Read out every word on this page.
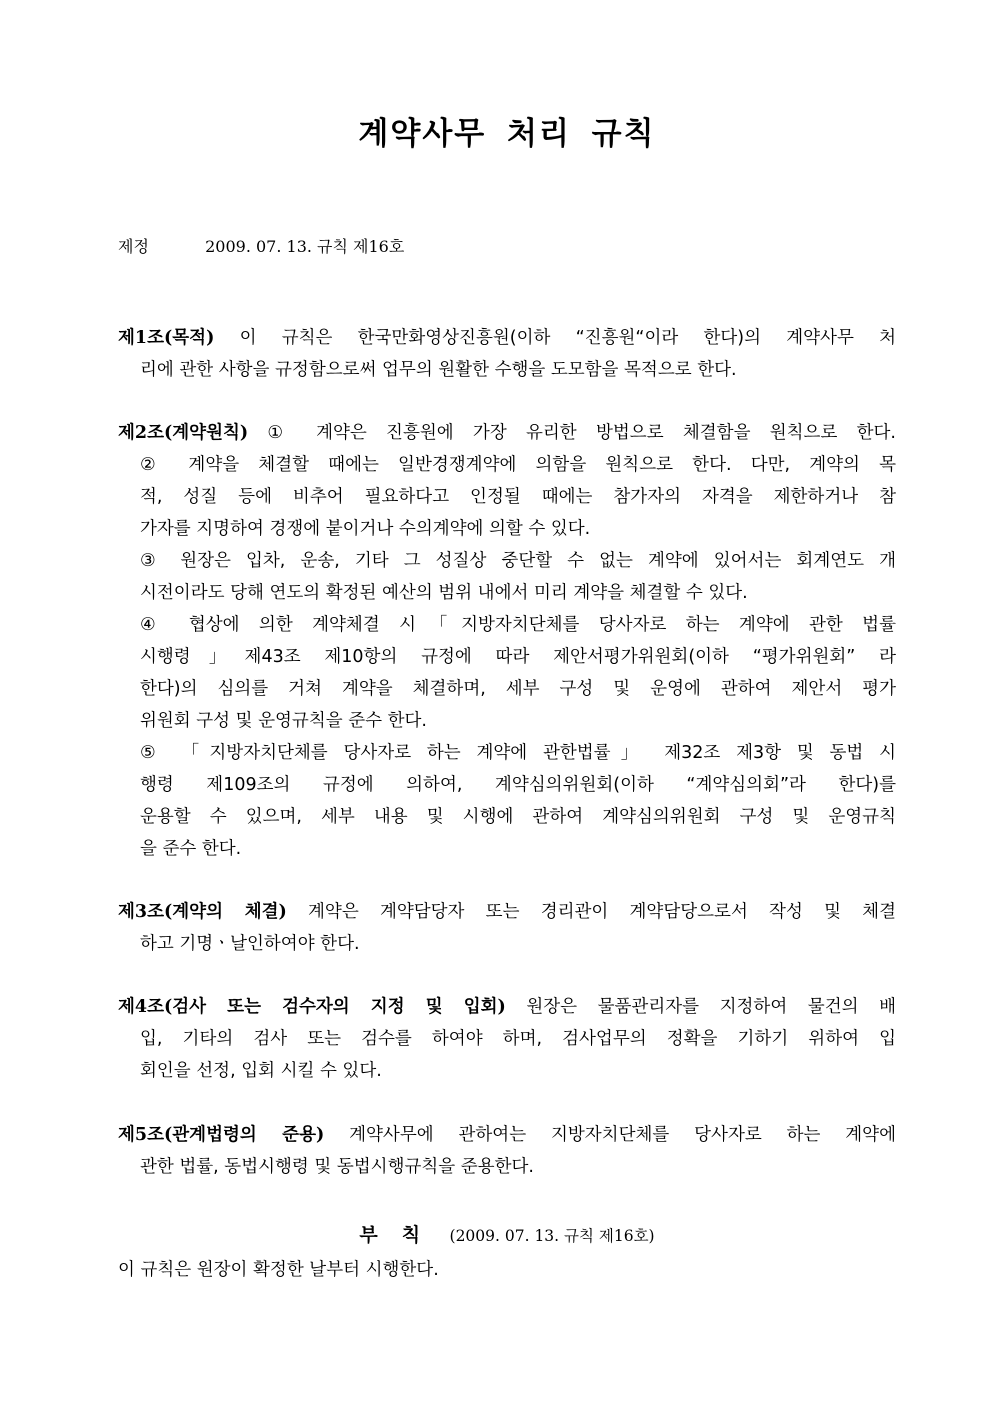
계약사무 처리 규칙
제정	2009. 07. 13. 규칙 제16호
제1조(목적) 이 규칙은 한국만화영상진흥원(이하 “진흥원“이라 한다)의 계약사무 처
리에 관한 사항을 규정함으로써 업무의 원활한 수행을 도모함을 목적으로 한다.
제2조(계약원칙) ① 계약은 진흥원에 가장 유리한 방법으로 체결함을 원칙으로 한다.
② 계약을 체결할 때에는 일반경쟁계약에 의함을 원칙으로 한다. 다만, 계약의 목
적, 성질 등에 비추어 필요하다고 인정될 때에는 참가자의 자격을 제한하거나 참
가자를 지명하여 경쟁에 붙이거나 수의계약에 의할 수 있다.
③ 원장은 입차, 운송, 기타 그 성질상 중단할 수 없는 계약에 있어서는 회계연도 개
시전이라도 당해 연도의 확정된 예산의 범위 내에서 미리 계약을 체결할 수 있다.
④ 협상에 의한 계약체결 시「지방자치단체를 당사자로 하는 계약에 관한 법률
시행령」제43조 제10항의 규정에 따라 제안서평가위원회(이하 “평가위원회” 라
한다)의 심의를 거쳐 계약을 체결하며, 세부 구성 및 운영에 관하여 제안서 평가
위원회 구성 및 운영규칙을 준수 한다.
⑤ 「지방자치단체를 당사자로 하는 계약에 관한법률」 제32조 제3항 및 동법 시
행령 제109조의 규정에 의하여, 계약심의위원회(이하 “계약심의회”라 한다)를
운용할 수 있으며, 세부 내용 및 시행에 관하여 계약심의위원회 구성 및 운영규칙
을 준수 한다.
제3조(계약의 체결) 계약은 계약담당자 또는 경리관이 계약담당으로서 작성 및 체결
하고 기명ㆍ날인하여야 한다.
제4조(검사 또는 검수자의 지정 및 입회) 원장은 물품관리자를 지정하여 물건의 배
입, 기타의 검사 또는 검수를 하여야 하며, 검사업무의 정확을 기하기 위하여 입
회인을 선정, 입회 시킬 수 있다.
제5조(관계법령의 준용) 계약사무에 관하여는 지방자치단체를 당사자로 하는 계약에
관한 법률, 동법시행령 및 동법시행규칙을 준용한다.
부칙 (2009. 07. 13. 규칙 제16호)
이 규칙은 원장이 확정한 날부터 시행한다.
